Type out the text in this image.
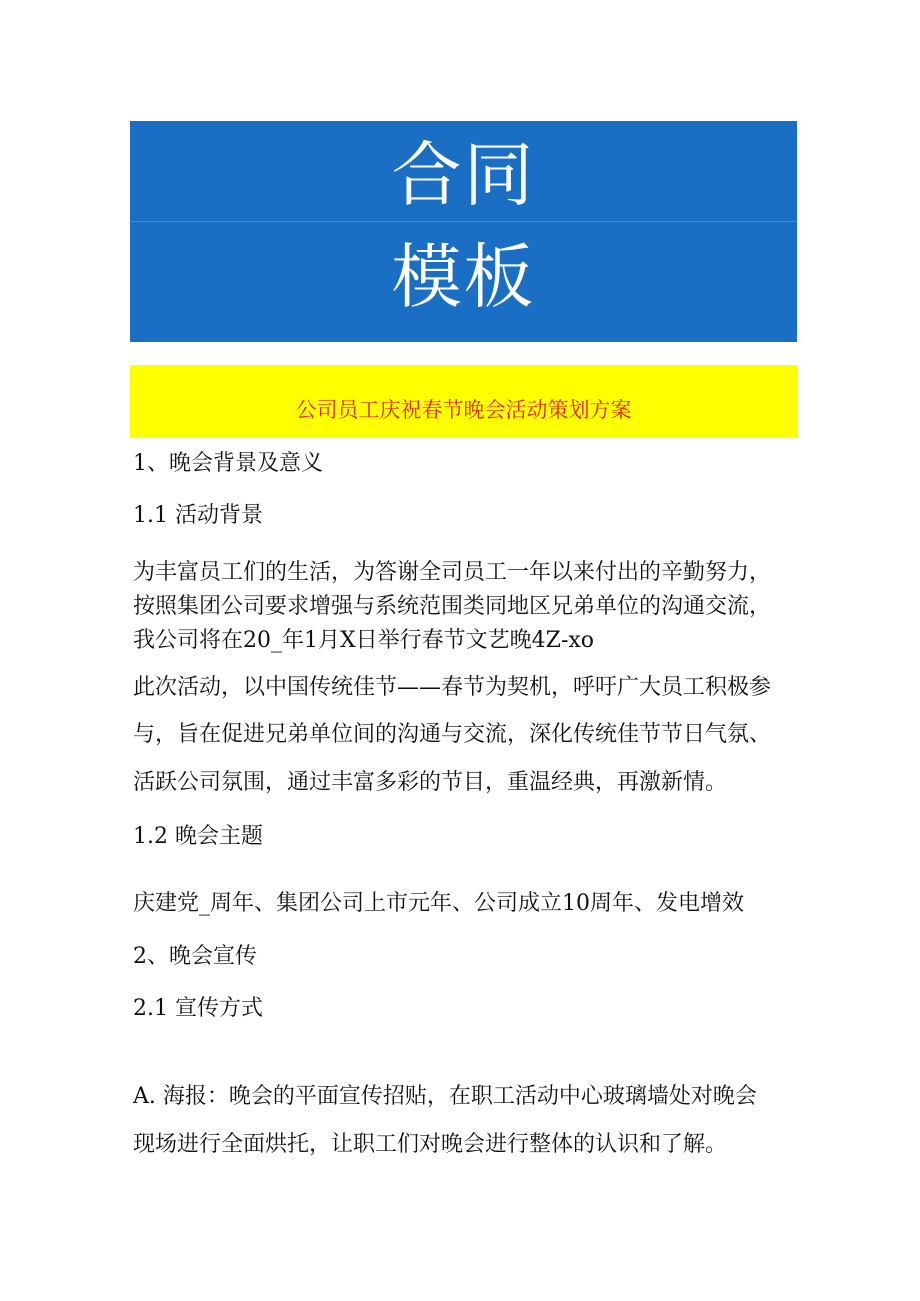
合同
模板
公司员工庆祝春节晚会活动策划方案
1、晚会背景及意义
1.1 活动背景
为丰富员工们的生活，为答谢全司员工一年以来付出的辛勤努力，
按照集团公司要求增强与系统范围类同地区兄弟单位的沟通交流，
我公司将在20_年1月X日举行春节文艺晚4Z-xo
此次活动，以中国传统佳节——春节为契机，呼吁广大员工积极参
与，旨在促进兄弟单位间的沟通与交流，深化传统佳节节日气氛、
活跃公司氛围，通过丰富多彩的节目，重温经典，再激新情。
1.2 晚会主题
庆建党_周年、集团公司上市元年、公司成立10周年、发电增效
2、晚会宣传
2.1 宣传方式
A. 海报：晚会的平面宣传招贴，在职工活动中心玻璃墙处对晚会
现场进行全面烘托，让职工们对晚会进行整体的认识和了解。
